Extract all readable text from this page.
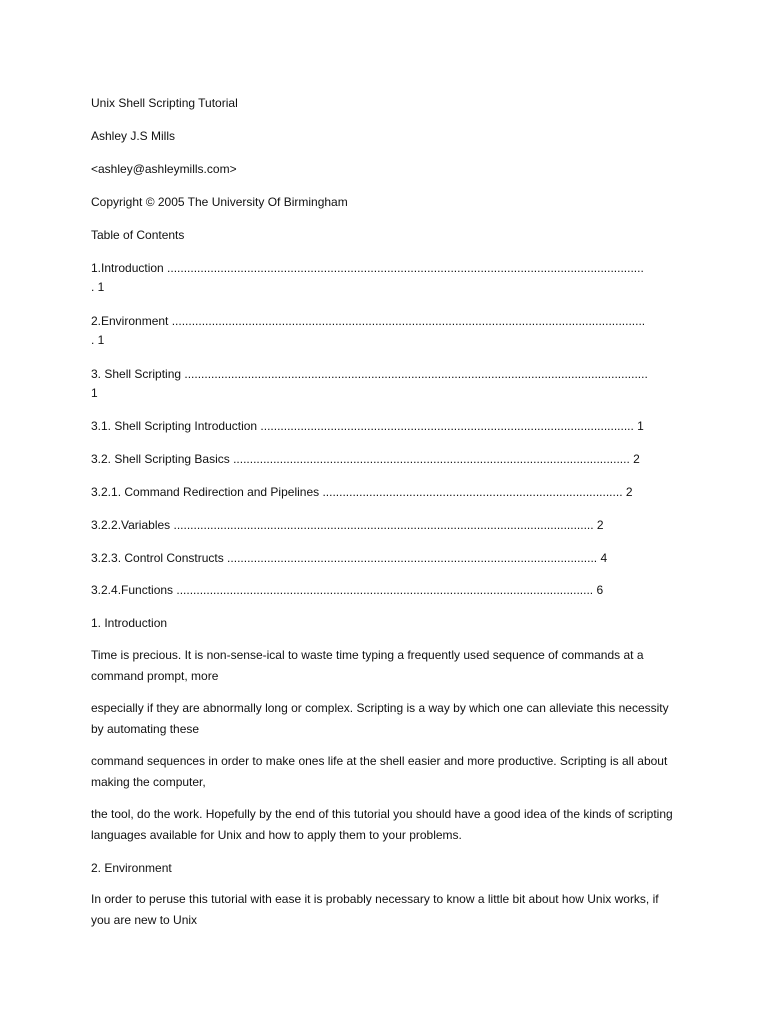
Unix Shell Scripting Tutorial
Ashley J.S Mills
<ashley@ashleymills.com>
Copyright © 2005 The University Of Birmingham
Table of Contents
1.Introduction ...............................................................................................................................................
. 1
2.Environment ..............................................................................................................................................
. 1
3. Shell Scripting ...........................................................................................................................................
1
3.1. Shell Scripting Introduction ................................................................................................................ 1
3.2. Shell Scripting Basics ....................................................................................................................... 2
3.2.1. Command Redirection and Pipelines .......................................................................................... 2
3.2.2.Variables .............................................................................................................................. 2
3.2.3. Control Constructs ............................................................................................................... 4
3.2.4.Functions ............................................................................................................................. 6
1. Introduction

Time is precious. It is non-sense-ical to waste time typing a frequently used sequence of commands at a command prompt, more

especially if they are abnormally long or complex. Scripting is a way by which one can alleviate this necessity by automating these

command sequences in order to make ones life at the shell easier and more productive. Scripting is all about making the computer,

the tool, do the work. Hopefully by the end of this tutorial you should have a good idea of the kinds of scripting languages available for Unix and how to apply them to your problems.

2. Environment

In order to peruse this tutorial with ease it is probably necessary to know a little bit about how Unix works, if you are new to Unix
